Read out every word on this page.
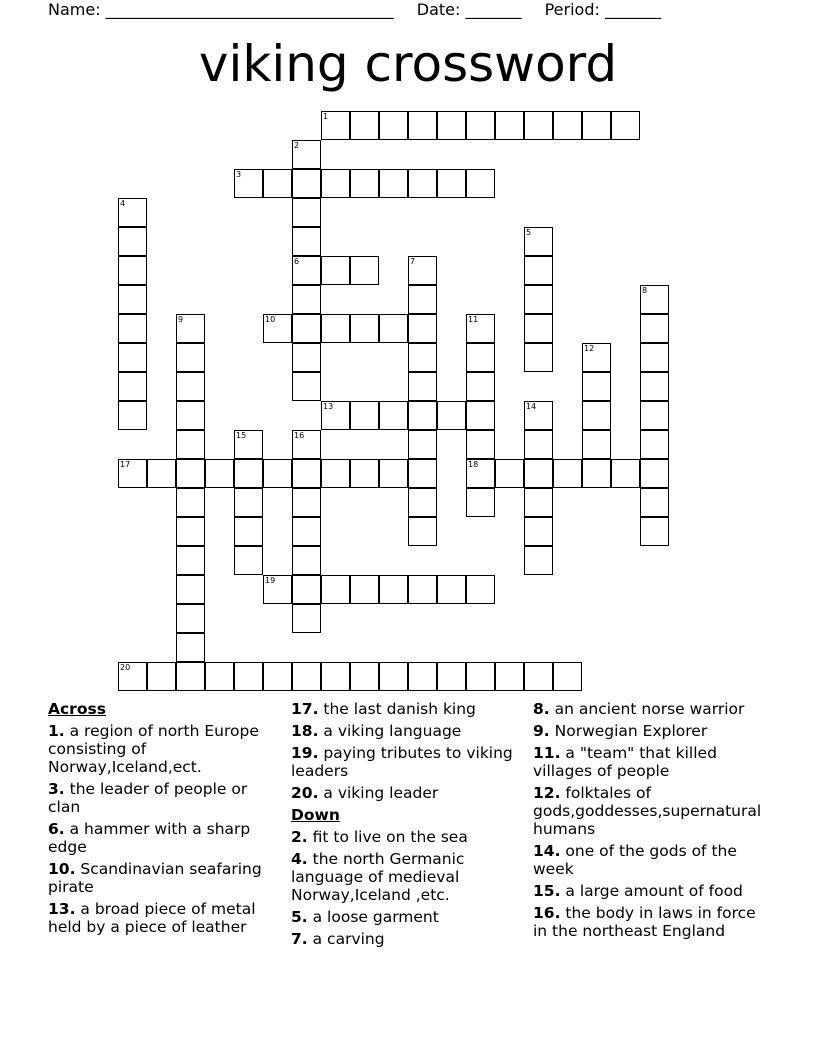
Name: ____________________________________ Date: _______ Period: _______
viking crossword
1
2
6
3
4
5
7
8
9	10	11
18
12
13	14
15	16
17
19
20
Across
1. a region of north Europe consisting of Norway,Iceland,ect.
3. the leader of people or clan
6. a hammer with a sharp edge
10. Scandinavian seafaring pirate
13. a broad piece of metal held by a piece of leather
17. the last danish king
18. a viking language
19. paying tributes to viking leaders
20. a viking leader
Down
2. fit to live on the sea
4. the north Germanic language of medieval Norway,Iceland ,etc.
5. a loose garment
7. a carving
8. an ancient norse warrior
9. Norwegian Explorer
11. a "team" that killed villages of people
12. folktales of gods,goddesses,supernatural humans
14. one of the gods of the week
15. a large amount of food
16. the body in laws in force in the northeast England
